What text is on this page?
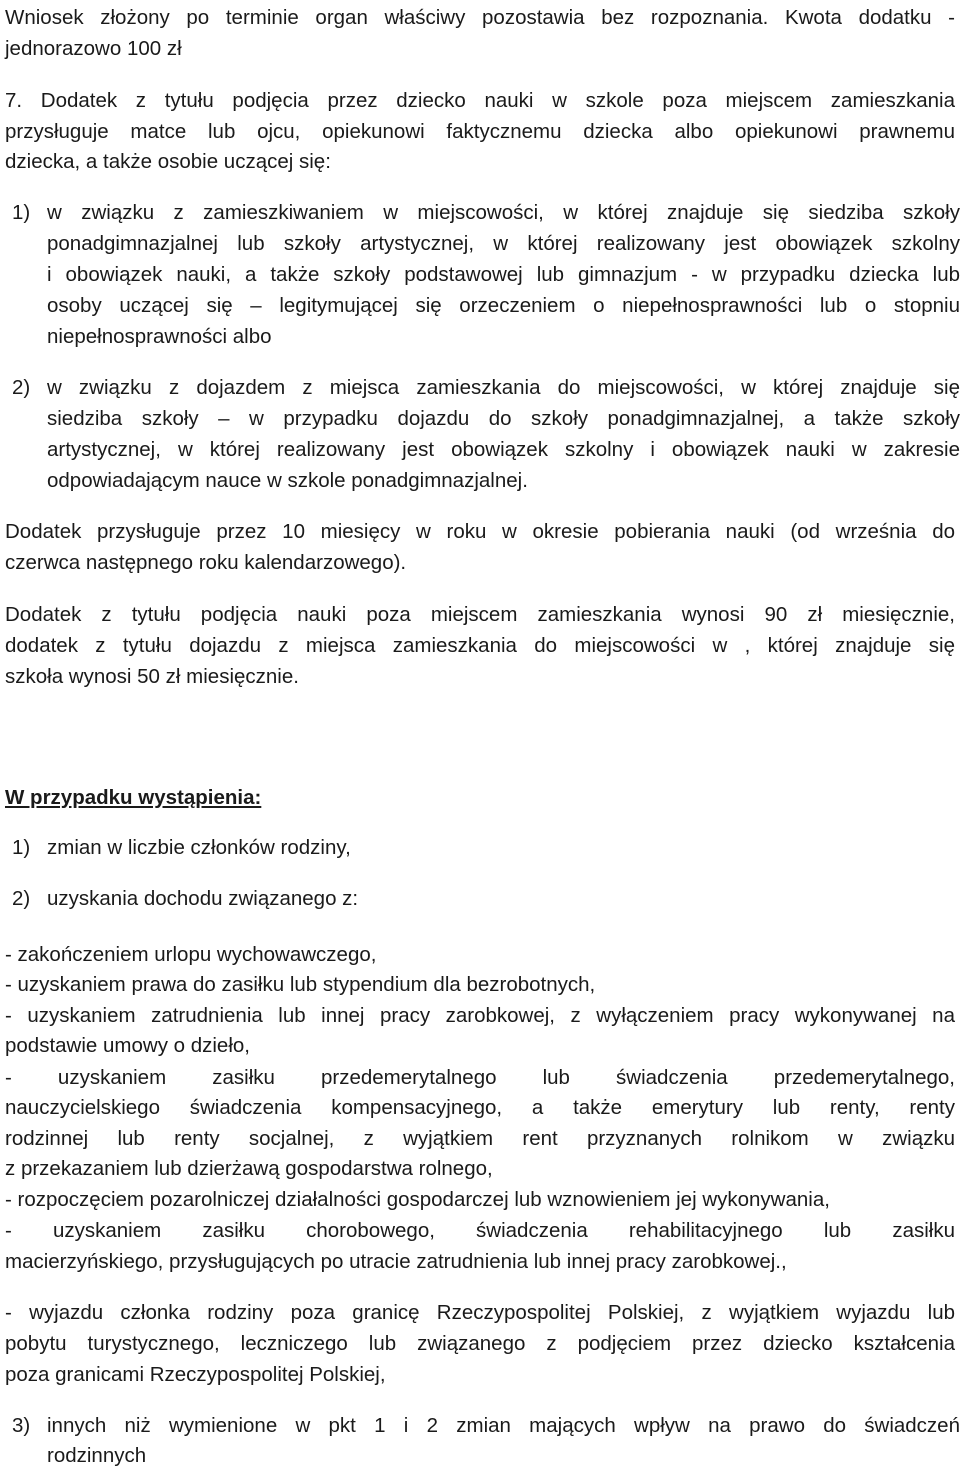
Wniosek złożony po terminie organ właściwy pozostawia bez rozpoznania. Kwota dodatku -
jednorazowo 100 zł
7. Dodatek z tytułu podjęcia przez dziecko nauki w szkole poza miejscem zamieszkania
przysługuje matce lub ojcu, opiekunowi faktycznemu dziecka albo opiekunowi prawnemu
dziecka, a także osobie uczącej się:
1) w związku z zamieszkiwaniem w miejscowości, w której znajduje się siedziba szkoły
ponadgimnazjalnej lub szkoły artystycznej, w której realizowany jest obowiązek szkolny
i obowiązek nauki, a także szkoły podstawowej lub gimnazjum - w przypadku dziecka lub
osoby uczącej się – legitymującej się orzeczeniem o niepełnosprawności lub o stopniu
niepełnosprawności albo
2) w związku z dojazdem z miejsca zamieszkania do miejscowości, w której znajduje się
siedziba szkoły – w przypadku dojazdu do szkoły ponadgimnazjalnej, a także szkoły
artystycznej, w której realizowany jest obowiązek szkolny i obowiązek nauki w zakresie
odpowiadającym nauce w szkole ponadgimnazjalnej.
Dodatek przysługuje przez 10 miesięcy w roku w okresie pobierania nauki (od września do
czerwca następnego roku kalendarzowego).
Dodatek z tytułu podjęcia nauki poza miejscem zamieszkania wynosi 90 zł miesięcznie,
dodatek z tytułu dojazdu z miejsca zamieszkania do miejscowości w , której znajduje się
szkoła wynosi 50 zł miesięcznie.
W przypadku wystąpienia:
1) zmian w liczbie członków rodziny,
2) uzyskania dochodu związanego z:
- zakończeniem urlopu wychowawczego,
- uzyskaniem prawa do zasiłku lub stypendium dla bezrobotnych,
- uzyskaniem zatrudnienia lub innej pracy zarobkowej, z wyłączeniem pracy wykonywanej na
podstawie umowy o dzieło,
- uzyskaniem zasiłku przedemerytalnego lub świadczenia przedemerytalnego,
nauczycielskiego świadczenia kompensacyjnego, a także emerytury lub renty, renty
rodzinnej lub renty socjalnej, z wyjątkiem rent przyznanych rolnikom w związku
z przekazaniem lub dzierżawą gospodarstwa rolnego,
- rozpoczęciem pozarolniczej działalności gospodarczej lub wznowieniem jej wykonywania,
- uzyskaniem zasiłku chorobowego, świadczenia rehabilitacyjnego lub zasiłku
macierzyńskiego, przysługujących po utracie zatrudnienia lub innej pracy zarobkowej.,
- wyjazdu członka rodziny poza granicę Rzeczypospolitej Polskiej, z wyjątkiem wyjazdu lub
pobytu turystycznego, leczniczego lub związanego z podjęciem przez dziecko kształcenia
poza granicami Rzeczypospolitej Polskiej,
3) innych niż wymienione w pkt 1 i 2 zmian mających wpływ na prawo do świadczeń
rodzinnych
